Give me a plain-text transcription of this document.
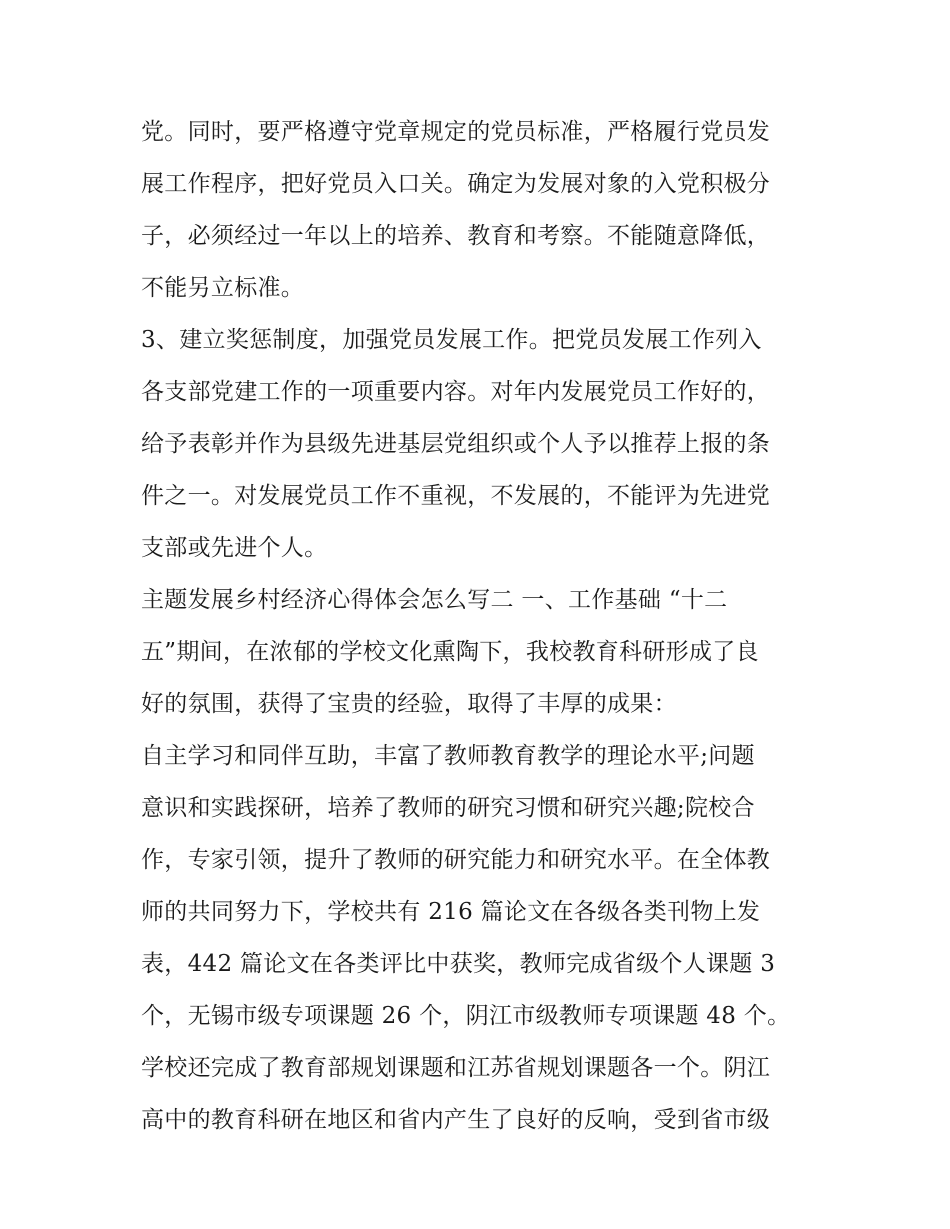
党。同时，要严格遵守党章规定的党员标准，严格履行党员发
展工作程序，把好党员入口关。确定为发展对象的入党积极分
子，必须经过一年以上的培养、教育和考察。不能随意降低，
不能另立标准。
3、建立奖惩制度，加强党员发展工作。把党员发展工作列入
各支部党建工作的一项重要内容。对年内发展党员工作好的，
给予表彰并作为县级先进基层党组织或个人予以推荐上报的条
件之一。对发展党员工作不重视，不发展的，不能评为先进党
支部或先进个人。
主题发展乡村经济心得体会怎么写二 一、工作基础 “十二
五”期间，在浓郁的学校文化熏陶下，我校教育科研形成了良
好的氛围，获得了宝贵的经验，取得了丰厚的成果：
自主学习和同伴互助，丰富了教师教育教学的理论水平;问题
意识和实践探研，培养了教师的研究习惯和研究兴趣;院校合
作，专家引领，提升了教师的研究能力和研究水平。在全体教
师的共同努力下，学校共有 216 篇论文在各级各类刊物上发
表，442 篇论文在各类评比中获奖，教师完成省级个人课题 3
个，无锡市级专项课题 26 个，阴江市级教师专项课题 48 个。
学校还完成了教育部规划课题和江苏省规划课题各一个。阴江
高中的教育科研在地区和省内产生了良好的反响，受到省市级
